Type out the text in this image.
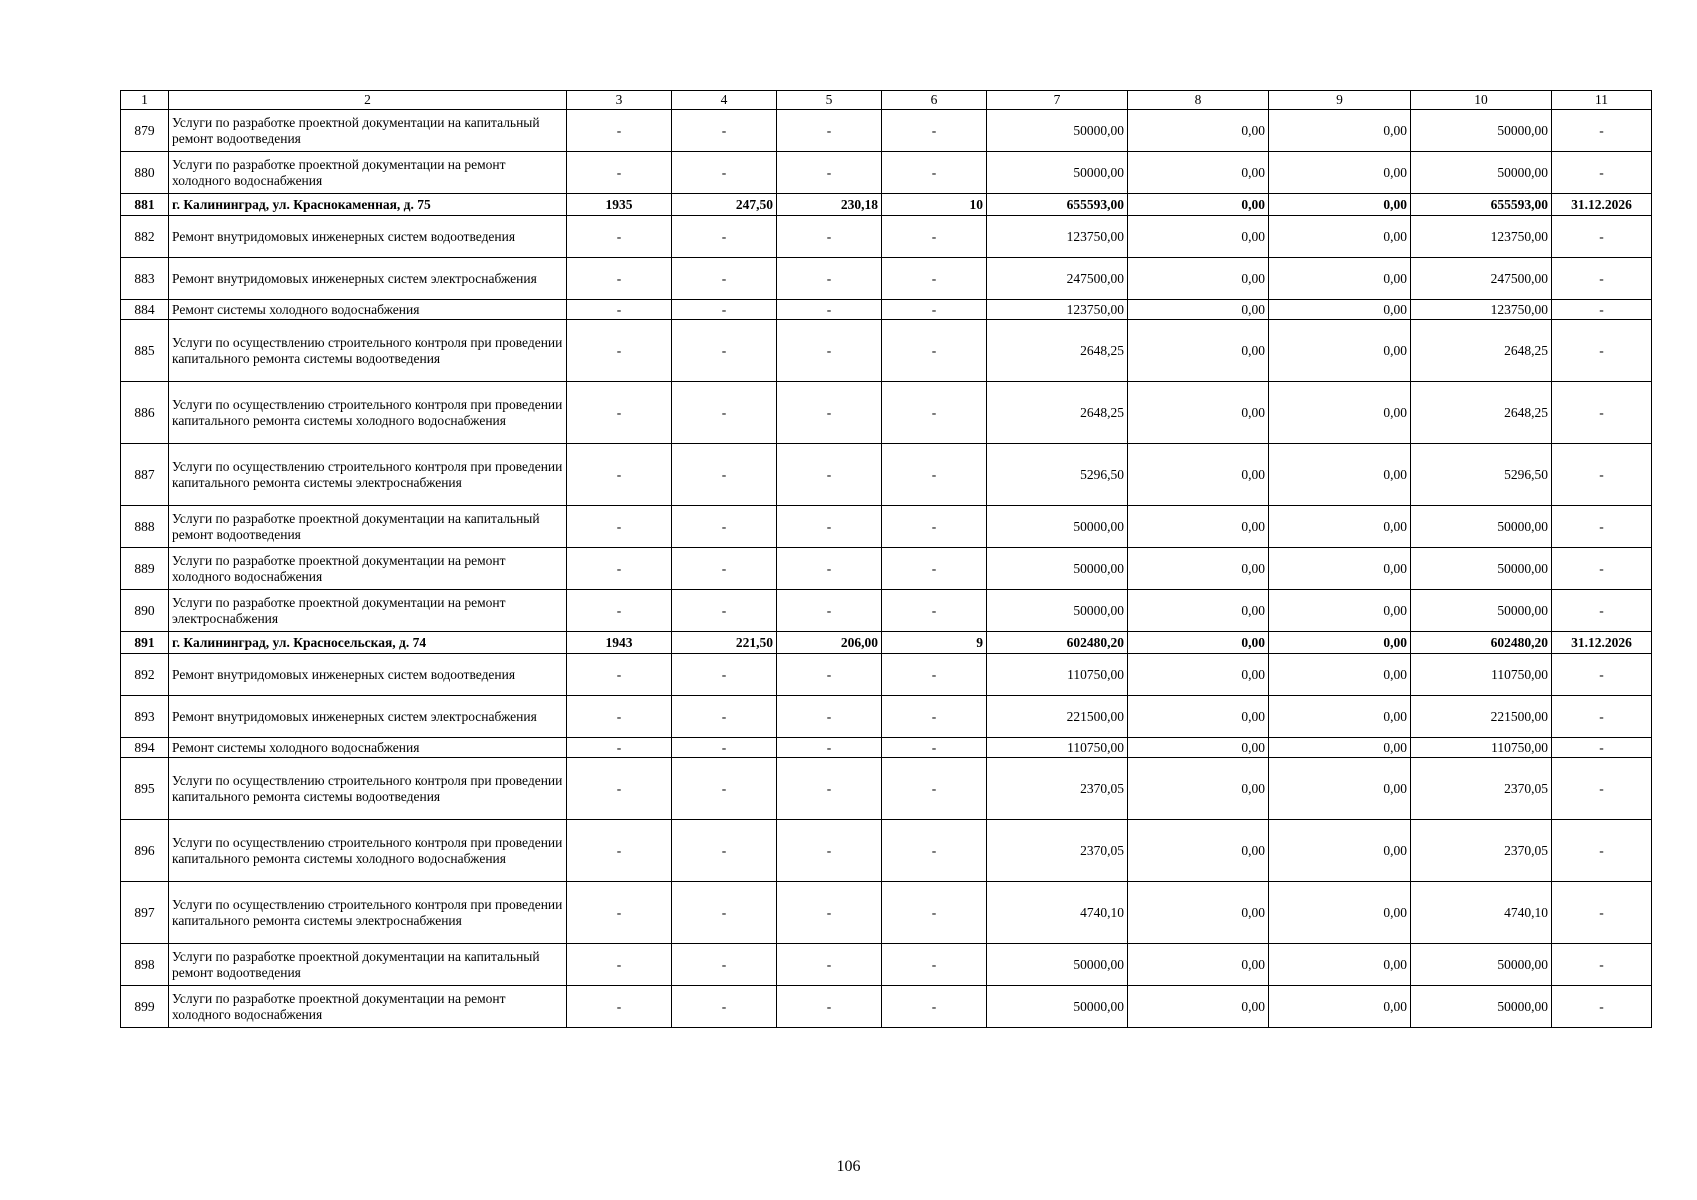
1	2	3	4	5	6	7	8	9	10	11
879	Услуги по разработке проектной документации на капитальный ремонт водоотведения	-	-	-	-	50000,00	0,00	0,00	50000,00	-
880	Услуги по разработке проектной документации на ремонт холодного водоснабжения	-	-	-	-	50000,00	0,00	0,00	50000,00	-
881	г. Калининград, ул. Краснокаменная, д. 75	1935	247,50	230,18	10	655593,00	0,00	0,00	655593,00	31.12.2026
882	Ремонт внутридомовых инженерных систем водоотведения	-	-	-	-	123750,00	0,00	0,00	123750,00	-
883	Ремонт внутридомовых инженерных систем электроснабжения	-	-	-	-	247500,00	0,00	0,00	247500,00	-
884	Ремонт системы холодного водоснабжения	-	-	-	-	123750,00	0,00	0,00	123750,00	-
885	Услуги по осуществлению строительного контроля при проведении капитального ремонта системы водоотведения	-	-	-	-	2648,25	0,00	0,00	2648,25	-
886	Услуги по осуществлению строительного контроля при проведении капитального ремонта системы холодного водоснабжения	-	-	-	-	2648,25	0,00	0,00	2648,25	-
887	Услуги по осуществлению строительного контроля при проведении капитального ремонта системы электроснабжения	-	-	-	-	5296,50	0,00	0,00	5296,50	-
888	Услуги по разработке проектной документации на капитальный ремонт водоотведения	-	-	-	-	50000,00	0,00	0,00	50000,00	-
889	Услуги по разработке проектной документации на ремонт холодного водоснабжения	-	-	-	-	50000,00	0,00	0,00	50000,00	-
890	Услуги по разработке проектной документации на ремонт электроснабжения	-	-	-	-	50000,00	0,00	0,00	50000,00	-
891	г. Калининград, ул. Красносельская, д. 74	1943	221,50	206,00	9	602480,20	0,00	0,00	602480,20	31.12.2026
892	Ремонт внутридомовых инженерных систем водоотведения	-	-	-	-	110750,00	0,00	0,00	110750,00	-
893	Ремонт внутридомовых инженерных систем электроснабжения	-	-	-	-	221500,00	0,00	0,00	221500,00	-
894	Ремонт системы холодного водоснабжения	-	-	-	-	110750,00	0,00	0,00	110750,00	-
895	Услуги по осуществлению строительного контроля при проведении капитального ремонта системы водоотведения	-	-	-	-	2370,05	0,00	0,00	2370,05	-
896	Услуги по осуществлению строительного контроля при проведении капитального ремонта системы холодного водоснабжения	-	-	-	-	2370,05	0,00	0,00	2370,05	-
897	Услуги по осуществлению строительного контроля при проведении капитального ремонта системы электроснабжения	-	-	-	-	4740,10	0,00	0,00	4740,10	-
898	Услуги по разработке проектной документации на капитальный ремонт водоотведения	-	-	-	-	50000,00	0,00	0,00	50000,00	-
899	Услуги по разработке проектной документации на ремонт холодного водоснабжения	-	-	-	-	50000,00	0,00	0,00	50000,00	-
106
